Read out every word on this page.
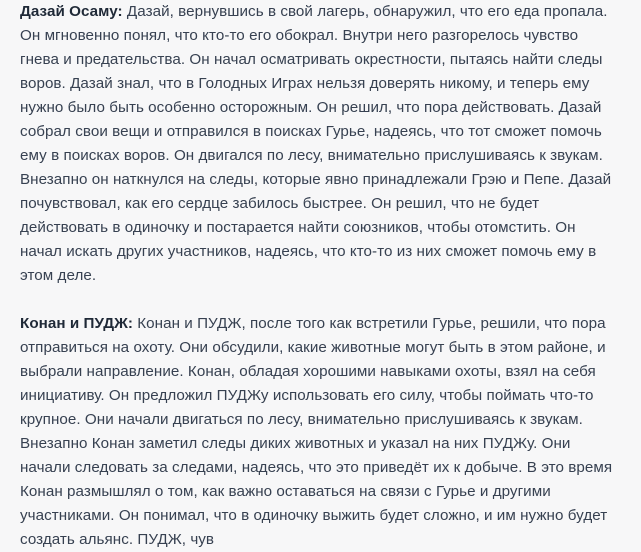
Дазай Осаму: Дазай, вернувшись в свой лагерь, обнаружил, что его еда пропала.
Он мгновенно понял, что кто-то его обокрал. Внутри него разгорелось чувство
гнева и предательства. Он начал осматривать окрестности, пытаясь найти следы
воров. Дазай знал, что в Голодных Играх нельзя доверять никому, и теперь ему
нужно было быть особенно осторожным. Он решил, что пора действовать. Дазай
собрал свои вещи и отправился в поисках Гурье, надеясь, что тот сможет помочь
ему в поисках воров. Он двигался по лесу, внимательно прислушиваясь к звукам.
Внезапно он наткнулся на следы, которые явно принадлежали Грэю и Пепе. Дазай
почувствовал, как его сердце забилось быстрее. Он решил, что не будет
действовать в одиночку и постарается найти союзников, чтобы отомстить. Он
начал искать других участников, надеясь, что кто-то из них сможет помочь ему в
этом деле.

Конан и ПУДЖ: Конан и ПУДЖ, после того как встретили Гурье, решили, что пора
отправиться на охоту. Они обсудили, какие животные могут быть в этом районе, и
выбрали направление. Конан, обладая хорошими навыками охоты, взял на себя
инициативу. Он предложил ПУДЖу использовать его силу, чтобы поймать что-то
крупное. Они начали двигаться по лесу, внимательно прислушиваясь к звукам.
Внезапно Конан заметил следы диких животных и указал на них ПУДЖу. Они
начали следовать за следами, надеясь, что это приведёт их к добыче. В это время
Конан размышлял о том, как важно оставаться на связи с Гурье и другими
участниками. Он понимал, что в одиночку выжить будет сложно, и им нужно будет
создать альянс. ПУДЖ, чув
